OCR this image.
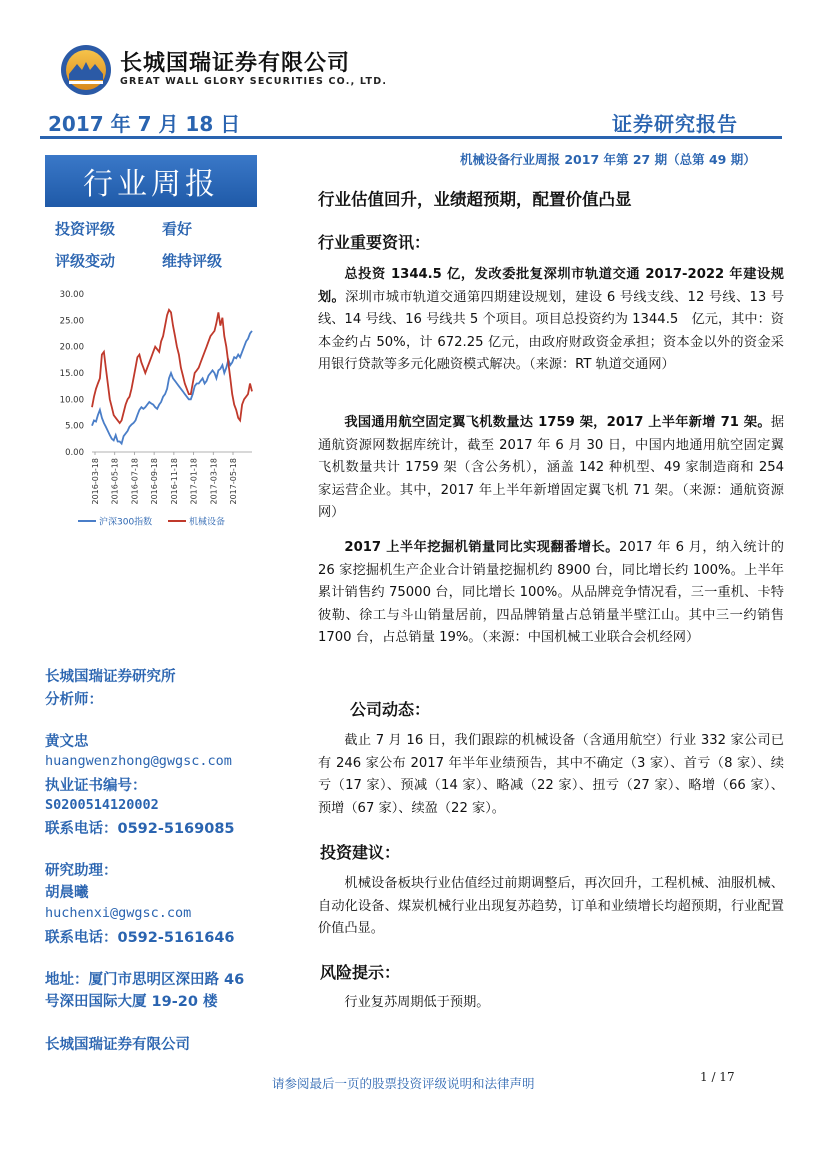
长城国瑞证券有限公司
GREAT WALL GLORY SECURITIES CO., LTD.
2017 年 7 月 18 日	证券研究报告
机械设备行业周报 2017 年第 27 期（总第 49 期）
行业周报
投资评级	看好
评级变动	维持评级
0.00
5.00
10.00
15.00
20.00
25.00
30.00
2016-03-18 2016-05-18 2016-07-18 2016-09-18 2016-11-18 2017-01-18 2017-03-18 2017-05-18
沪深300指数	机械设备
长城国瑞证券研究所
分析师：
黄文忠
huangwenzhong@gwgsc.com
执业证书编号：
S0200514120002
联系电话：0592-5169085
研究助理：
胡晨曦
huchenxi@gwgsc.com
联系电话：0592-5161646
地址：厦门市思明区深田路 46
号深田国际大厦 19-20 楼
长城国瑞证券有限公司
行业估值回升，业绩超预期，配置价值凸显
行业重要资讯：

总投资 1344.5 亿，发改委批复深圳市轨道交通 2017-2022 年建设规划。深圳市城市轨道交通第四期建设规划，建设 6 号线支线、12 号线、13 号线、14 号线、16 号线共 5 个项目。项目总投资约为 1344.5　亿元，其中：资本金约占 50%，计 672.25 亿元，由政府财政资金承担；资本金以外的资金采用银行贷款等多元化融资模式解决。（来源：RT 轨道交通网）

我国通用航空固定翼飞机数量达 1759 架，2017 上半年新增 71 架。据通航资源网数据库统计，截至 2017 年 6 月 30 日，中国内地通用航空固定翼飞机数量共计 1759 架（含公务机），涵盖 142 种机型、49 家制造商和 254 家运营企业。其中，2017 年上半年新增固定翼飞机 71 架。（来源：通航资源网）

2017 上半年挖掘机销量同比实现翻番增长。2017 年 6 月，纳入统计的 26 家挖掘机生产企业合计销量挖掘机约 8900 台，同比增长约 100%。上半年累计销售约 75000 台，同比增长 100%。从品牌竞争情况看，三一重机、卡特彼勒、徐工与斗山销量居前，四品牌销量占总销量半壁江山。其中三一约销售 1700 台，占总销量 19%。（来源：中国机械工业联合会机经网）

公司动态：

截止 7 月 16 日，我们跟踪的机械设备（含通用航空）行业 332 家公司已有 246 家公布 2017 年半年业绩预告，其中不确定（3 家）、首亏（8 家）、续亏（17 家）、预减（14 家）、略减（22 家）、扭亏（27 家）、略增（66 家）、预增（67 家）、续盈（22 家）。

投资建议：

机械设备板块行业估值经过前期调整后，再次回升，工程机械、油服机械、自动化设备、煤炭机械行业出现复苏趋势，订单和业绩增长均超预期，行业配置价值凸显。

风险提示：

行业复苏周期低于预期。

请参阅最后一页的股票投资评级说明和法律声明	1 / 17
